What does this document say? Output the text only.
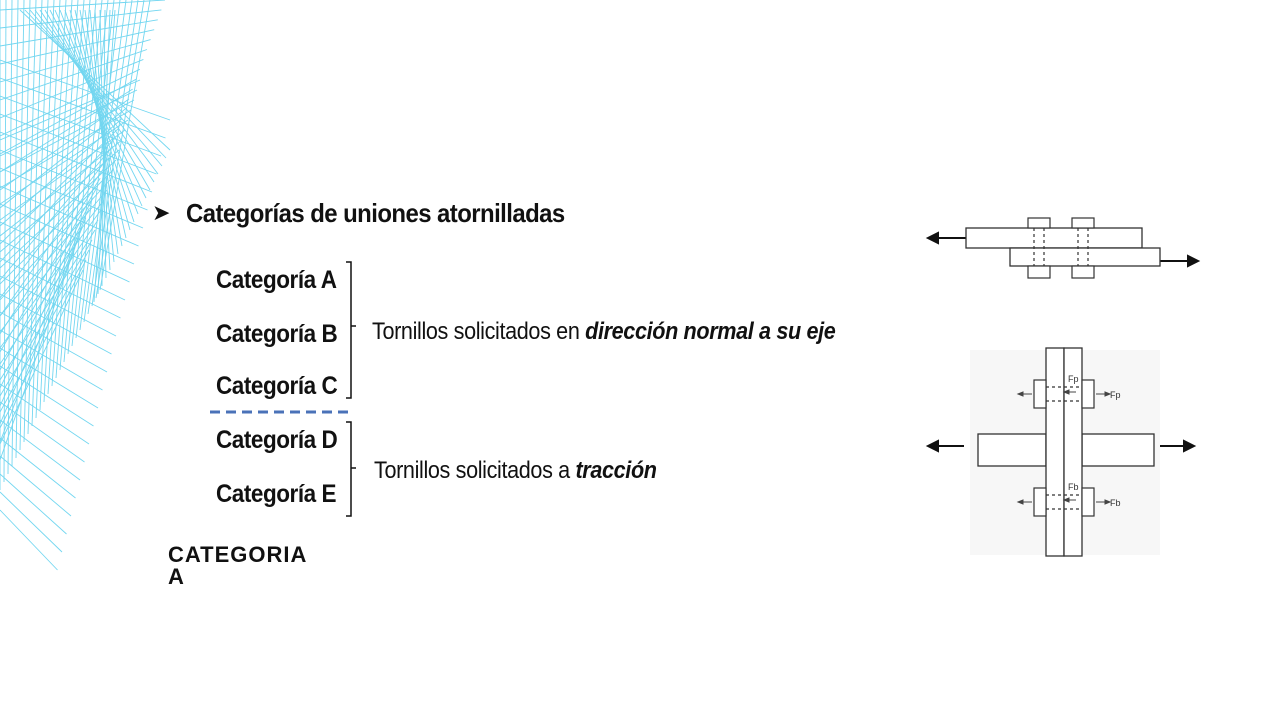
➤ Categorías de uniones atornilladas
Categoría A
Categoría B
Categoría C
Categoría D
Categoría E
Tornillos solicitados en dirección normal a su eje
Tornillos solicitados a tracción
CATEGORIA A
Fp
Fp
Fb
Fb
